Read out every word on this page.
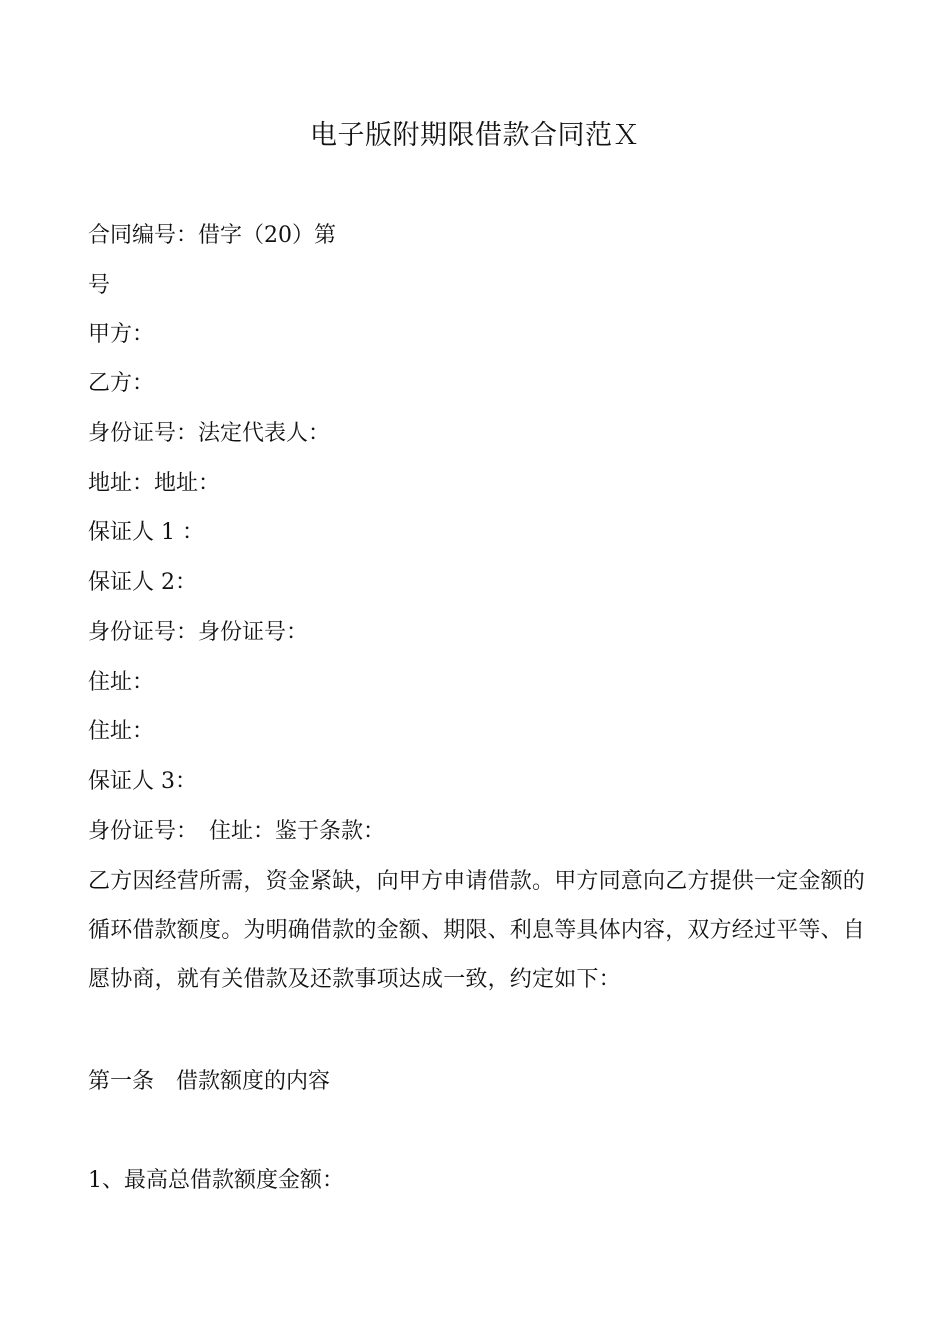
电子版附期限借款合同范Ｘ
合同编号：借字（20）第
号
甲方：
乙方：
身份证号：法定代表人：
地址：地址：
保证人 1 ：
保证人 2：
身份证号：身份证号：
住址：
住址：
保证人 3：
身份证号：　住址：鉴于条款：
乙方因经营所需，资金紧缺，向甲方申请借款。甲方同意向乙方提供一定金额的循环借款额度。为明确借款的金额、期限、利息等具体内容，双方经过平等、自愿协商，就有关借款及还款事项达成一致，约定如下：
第一条　借款额度的内容
1、最高总借款额度金额：
